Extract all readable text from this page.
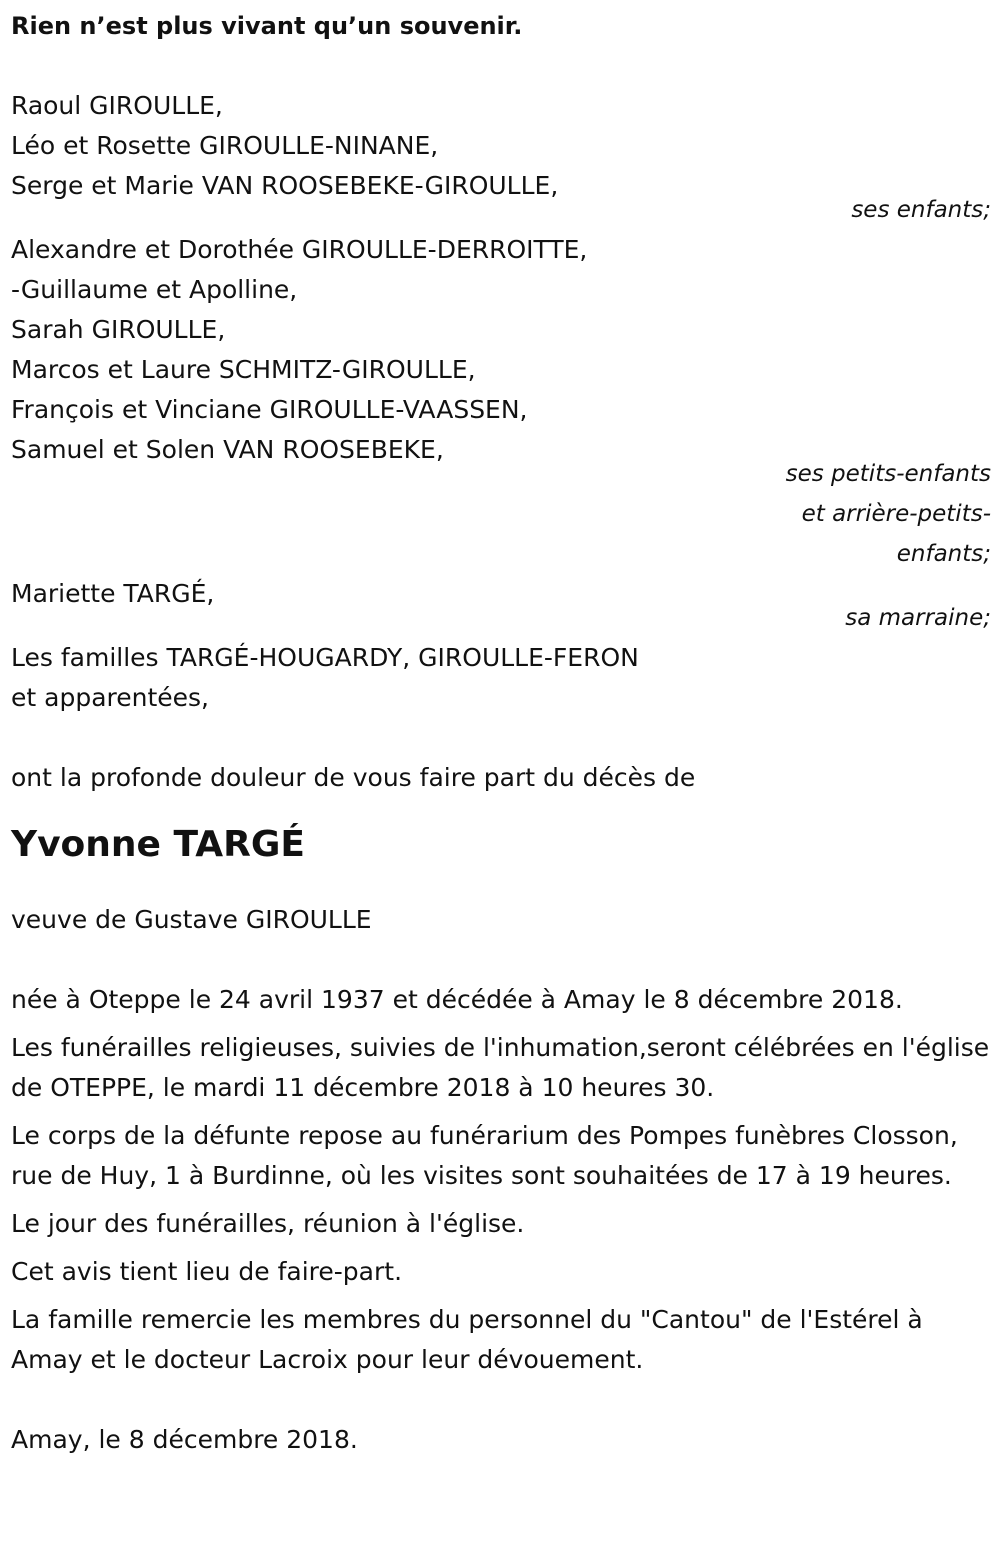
Rien n’est plus vivant qu’un souvenir.

Raoul GIROULLE,
Léo et Rosette GIROULLE-NINANE,
Serge et Marie VAN ROOSEBEKE-GIROULLE,

ses enfants;

Alexandre et Dorothée GIROULLE-DERROITTE,
-Guillaume et Apolline,
Sarah GIROULLE,
Marcos et Laure SCHMITZ-GIROULLE,
François et Vinciane GIROULLE-VAASSEN,
Samuel et Solen VAN ROOSEBEKE,
ses petits-enfants
et arrière-petits-
enfants;
Mariette TARGÉ,

sa marraine;

Les familles TARGÉ-HOUGARDY, GIROULLE-FERON
et apparentées,

ont la profonde douleur de vous faire part du décès de

Yvonne TARGÉ

veuve de Gustave GIROULLE

née à Oteppe le 24 avril 1937 et décédée à Amay le 8 décembre 2018.

Les funérailles religieuses, suivies de l'inhumation,seront célébrées en l'église de OTEPPE, le mardi 11 décembre 2018 à 10 heures 30.

Le corps de la défunte repose au funérarium des Pompes funèbres Closson, rue de Huy, 1 à Burdinne, où les visites sont souhaitées de 17 à 19 heures.

Le jour des funérailles, réunion à l'église.

Cet avis tient lieu de faire-part.

La famille remercie les membres du personnel du "Cantou" de l'Estérel à Amay et le docteur Lacroix pour leur dévouement.

Amay, le 8 décembre 2018.
